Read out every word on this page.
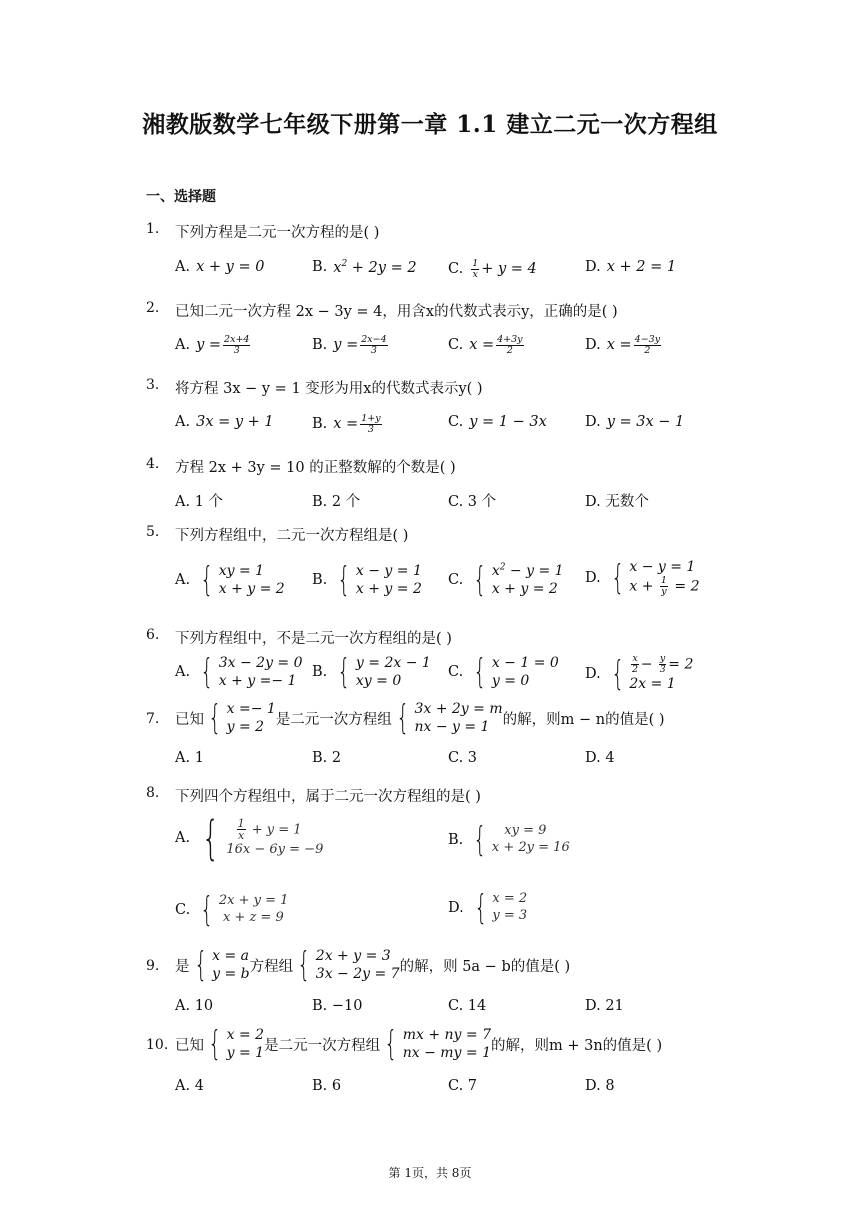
湘教版数学七年级下册第一章 1.1 建立二元一次方程组
一、选择题
1. 下列方程是二元一次方程的是( )
A. x + y = 0	B. $x^2 + 2y = 2$ C. $\frac{1}{x} + y = 4$	D. x + 2 = 1
2. 已知二元一次方程 2x − 3y = 4，用含x的代数式表示y，正确的是( )
A. $y = \frac{2x+4}{3}$	B. $y = \frac{2x-4}{3}$	C. $x = \frac{4+3y}{2}$	D. $x = \frac{4-3y}{2}$
3. 将方程 3x − y = 1 变形为用x的代数式表示y( )
A. 3x = y + 1	B. $x = \frac{1+y}{3}$	C. y = 1 − 3x	D. y = 3x − 1
4. 方程 2x + 3y = 10 的正整数解的个数是( )
A. 1 个	B. 2 个	C. 3 个	D. 无数个
5. 下列方程组中，二元一次方程组是( )
A. { xy = 1
x + y = 2
B. { x − y = 1
x + y = 2
C. { $x^2 - y = 1$
x + y = 2
D. { x − y = 1
$x + \frac{1}{y} = 2$
6. 下列方程组中，不是二元一次方程组的是( )
A. { 3x − 2y = 0
x + y =− 1
B. { y = 2x − 1
xy = 0
C. { x − 1 = 0
y = 0	D. { $\frac{x}{2} - \frac{y}{3} = 2$
2x = 1
7. 已知 { x =− 1
y = 2 是二元一次方程组 { 3x + 2y = m
nx − y = 1 的解，则m − n的值是( )
A. 1	B. 2	C. 3	D. 4
8. 下列四个方程组中，属于二元一次方程组的是( )
A. {
$\frac{1}{x} + y = 1$
16x − 6y = −9
B. { xy = 9
x + 2y = 16
C. { 2x + y = 1
x + z = 9
D. { x = 2
y = 3
9. 是 { x = a
y = b 方程组 { 2x + y = 3
3x − 2y = 7 的解，则 5a − b的值是( )
A. 10	B. −10	C. 14	D. 21
10. 已知 { x = 2
y = 1 是二元一次方程组 { mx + ny = 7
nx − my = 1 的解，则m + 3n的值是( )
A. 4	B. 6	C. 7	D. 8
第 1页，共 8页
